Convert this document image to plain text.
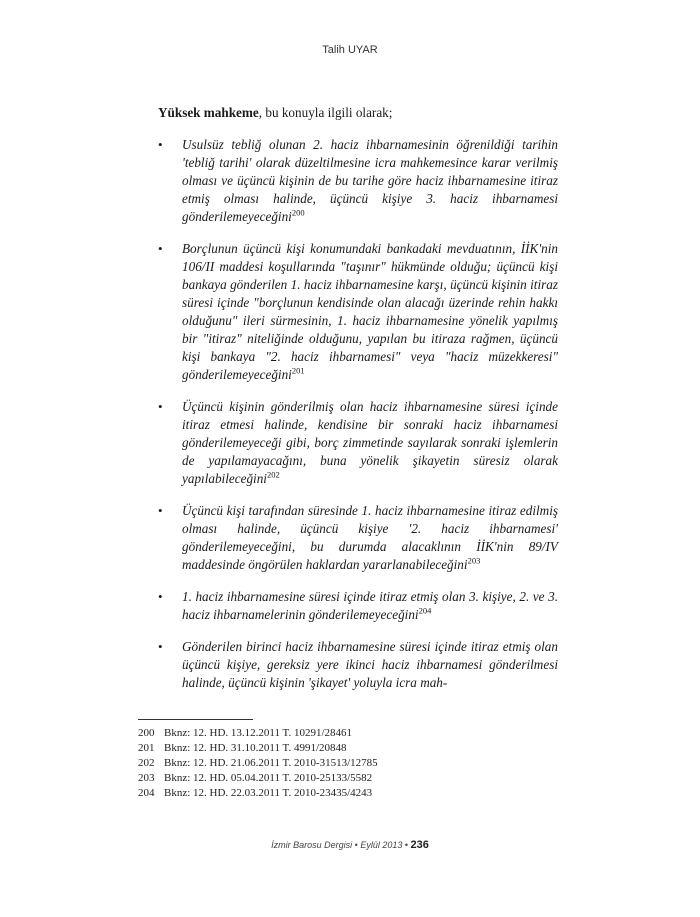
Talih UYAR

Yüksek mahkeme, bu konuyla ilgili olarak;

• Usulsüz tebliğ olunan 2. haciz ihbarnamesinin öğrenildiği tarihin 'tebliğ tarihi' olarak düzeltilmesine icra mahkemesince karar verilmiş olması ve üçüncü kişinin de bu tarihe göre haciz ihbarnamesine itiraz etmiş olması halinde, üçüncü kişiye 3. haciz ihbarnamesi gönderilemeyeceğini$^{200}$
• Borçlunun üçüncü kişi konumundaki bankadaki mevduatının, İİK'nin 106/II maddesi koşullarında "taşınır" hükmünde olduğu; üçüncü kişi bankaya gönderilen 1. haciz ihbarnamesine karşı, üçüncü kişinin itiraz süresi içinde "borçlunun kendisinde olan alacağı üzerinde rehin hakkı olduğunu" ileri sürmesinin, 1. haciz ihbarnamesine yönelik yapılmış bir "itiraz" niteliğinde olduğunu, yapılan bu itiraza rağmen, üçüncü kişi bankaya "2. haciz ihbarnamesi" veya "haciz müzekkeresi" gönderilemeyeceğini$^{201}$
• Üçüncü kişinin gönderilmiş olan haciz ihbarnamesine süresi içinde itiraz etmesi halinde, kendisine bir sonraki haciz ihbarnamesi gönderilemeyeceği gibi, borç zimmetinde sayılarak sonraki işlemlerin de yapılamayacağını, buna yönelik şikayetin süresiz olarak yapılabileceğini$^{202}$
• Üçüncü kişi tarafından süresinde 1. haciz ihbarnamesine itiraz edilmiş olması halinde, üçüncü kişiye '2. haciz ihbarnamesi' gönderilemeyeceğini, bu durumda alacaklının İİK'nin 89/IV maddesinde öngörülen haklardan yararlanabileceğini$^{203}$
• 1. haciz ihbarnamesine süresi içinde itiraz etmiş olan 3. kişiye, 2. ve 3. haciz ihbarnamelerinin gönderilemeyeceğini$^{204}$
• Gönderilen birinci haciz ihbarnamesine süresi içinde itiraz etmiş olan üçüncü kişiye, gereksiz yere ikinci haciz ihbarnamesi gönderilmesi halinde, üçüncü kişinin 'şikayet' yoluyla icra mah-
200 Bknz: 12. HD. 13.12.2011 T. 10291/28461
201 Bknz: 12. HD. 31.10.2011 T. 4991/20848
202 Bknz: 12. HD. 21.06.2011 T. 2010-31513/12785
203 Bknz: 12. HD. 05.04.2011 T. 2010-25133/5582
204 Bknz: 12. HD. 22.03.2011 T. 2010-23435/4243
İzmir Barosu Dergisi • Eylül 2013 • 236
